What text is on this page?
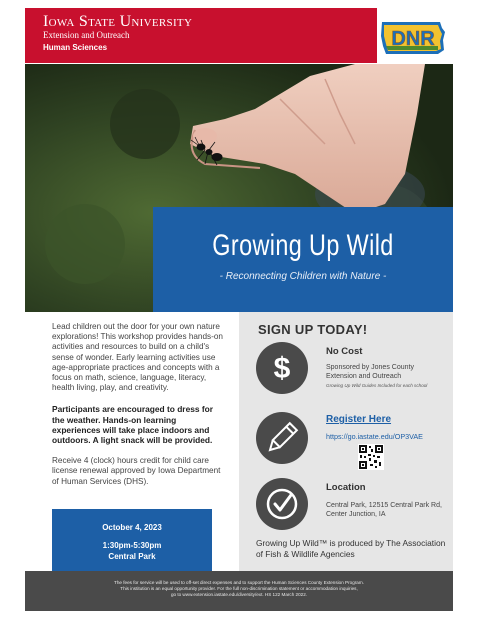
Iowa State University
Extension and Outreach
Human Sciences	DNR
Growing Up Wild
- Reconnecting Children with Nature -

Lead children out the door for your own nature explorations! This workshop provides hands-on activities and resources to build on a child's sense of wonder. Early learning activities use age-appropriate practices and concepts with a focus on math, science, language, literacy, health living, play, and creativity.

Participants are encouraged to dress for the weather. Hands-on learning experiences will take place indoors and outdoors. A light snack will be provided.

Receive 4 (clock) hours credit for child care license renewal approved by Iowa Department of Human Services (DHS).

October 4, 2023
1:30pm-5:30pm
Central Park
SIGN UP TODAY!
$
No Cost
Sponsored by Jones County Extension and Outreach
Growing Up Wild Guides Included for each school
Register Here
https://go.iastate.edu/OP3VAE
Location
Central Park, 12515 Central Park Rd, Center Junction, IA
Growing Up Wild™ is produced by The Association of Fish & Wildlife Agencies
The fees for service will be used to off-set direct expenses and to support the Human Sciences County Extension Program.
This institution is an equal opportunity provider. For the full non-discrimination statement or accommodation inquiries,
go to www.extension.iastate.edu/diversity/ext. HS 122 March 2022.
